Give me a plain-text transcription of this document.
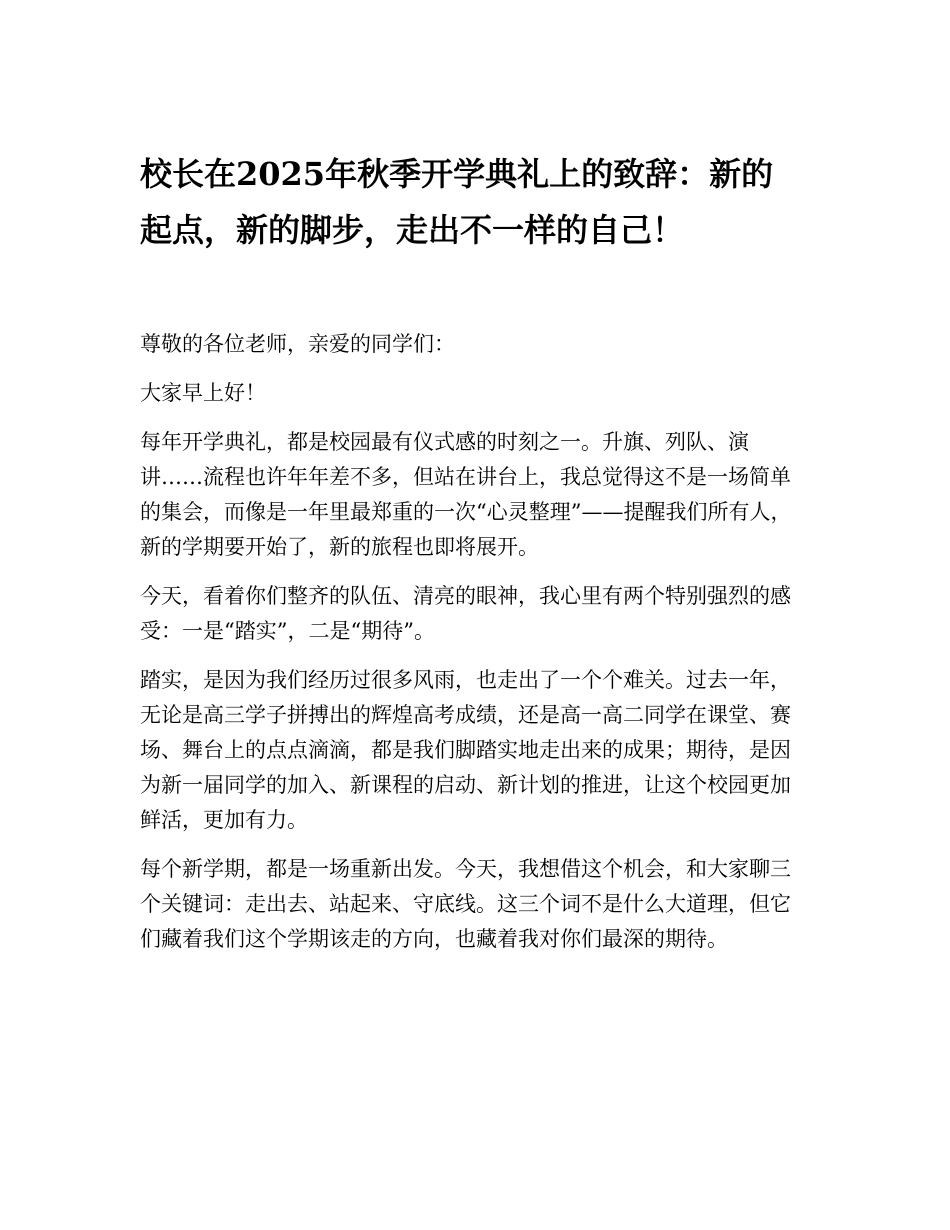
校长在2025年秋季开学典礼上的致辞：新的起点，新的脚步，走出不一样的自己！

尊敬的各位老师，亲爱的同学们：

大家早上好！

每年开学典礼，都是校园最有仪式感的时刻之一。升旗、列队、演讲……流程也许年年差不多，但站在讲台上，我总觉得这不是一场简单的集会，而像是一年里最郑重的一次“心灵整理”——提醒我们所有人，新的学期要开始了，新的旅程也即将展开。

今天，看着你们整齐的队伍、清亮的眼神，我心里有两个特别强烈的感受：一是“踏实”，二是“期待”。

踏实，是因为我们经历过很多风雨，也走出了一个个难关。过去一年，无论是高三学子拼搏出的辉煌高考成绩，还是高一高二同学在课堂、赛场、舞台上的点点滴滴，都是我们脚踏实地走出来的成果；期待，是因为新一届同学的加入、新课程的启动、新计划的推进，让这个校园更加鲜活，更加有力。

每个新学期，都是一场重新出发。今天，我想借这个机会，和大家聊三个关键词：走出去、站起来、守底线。这三个词不是什么大道理，但它们藏着我们这个学期该走的方向，也藏着我对你们最深的期待。
